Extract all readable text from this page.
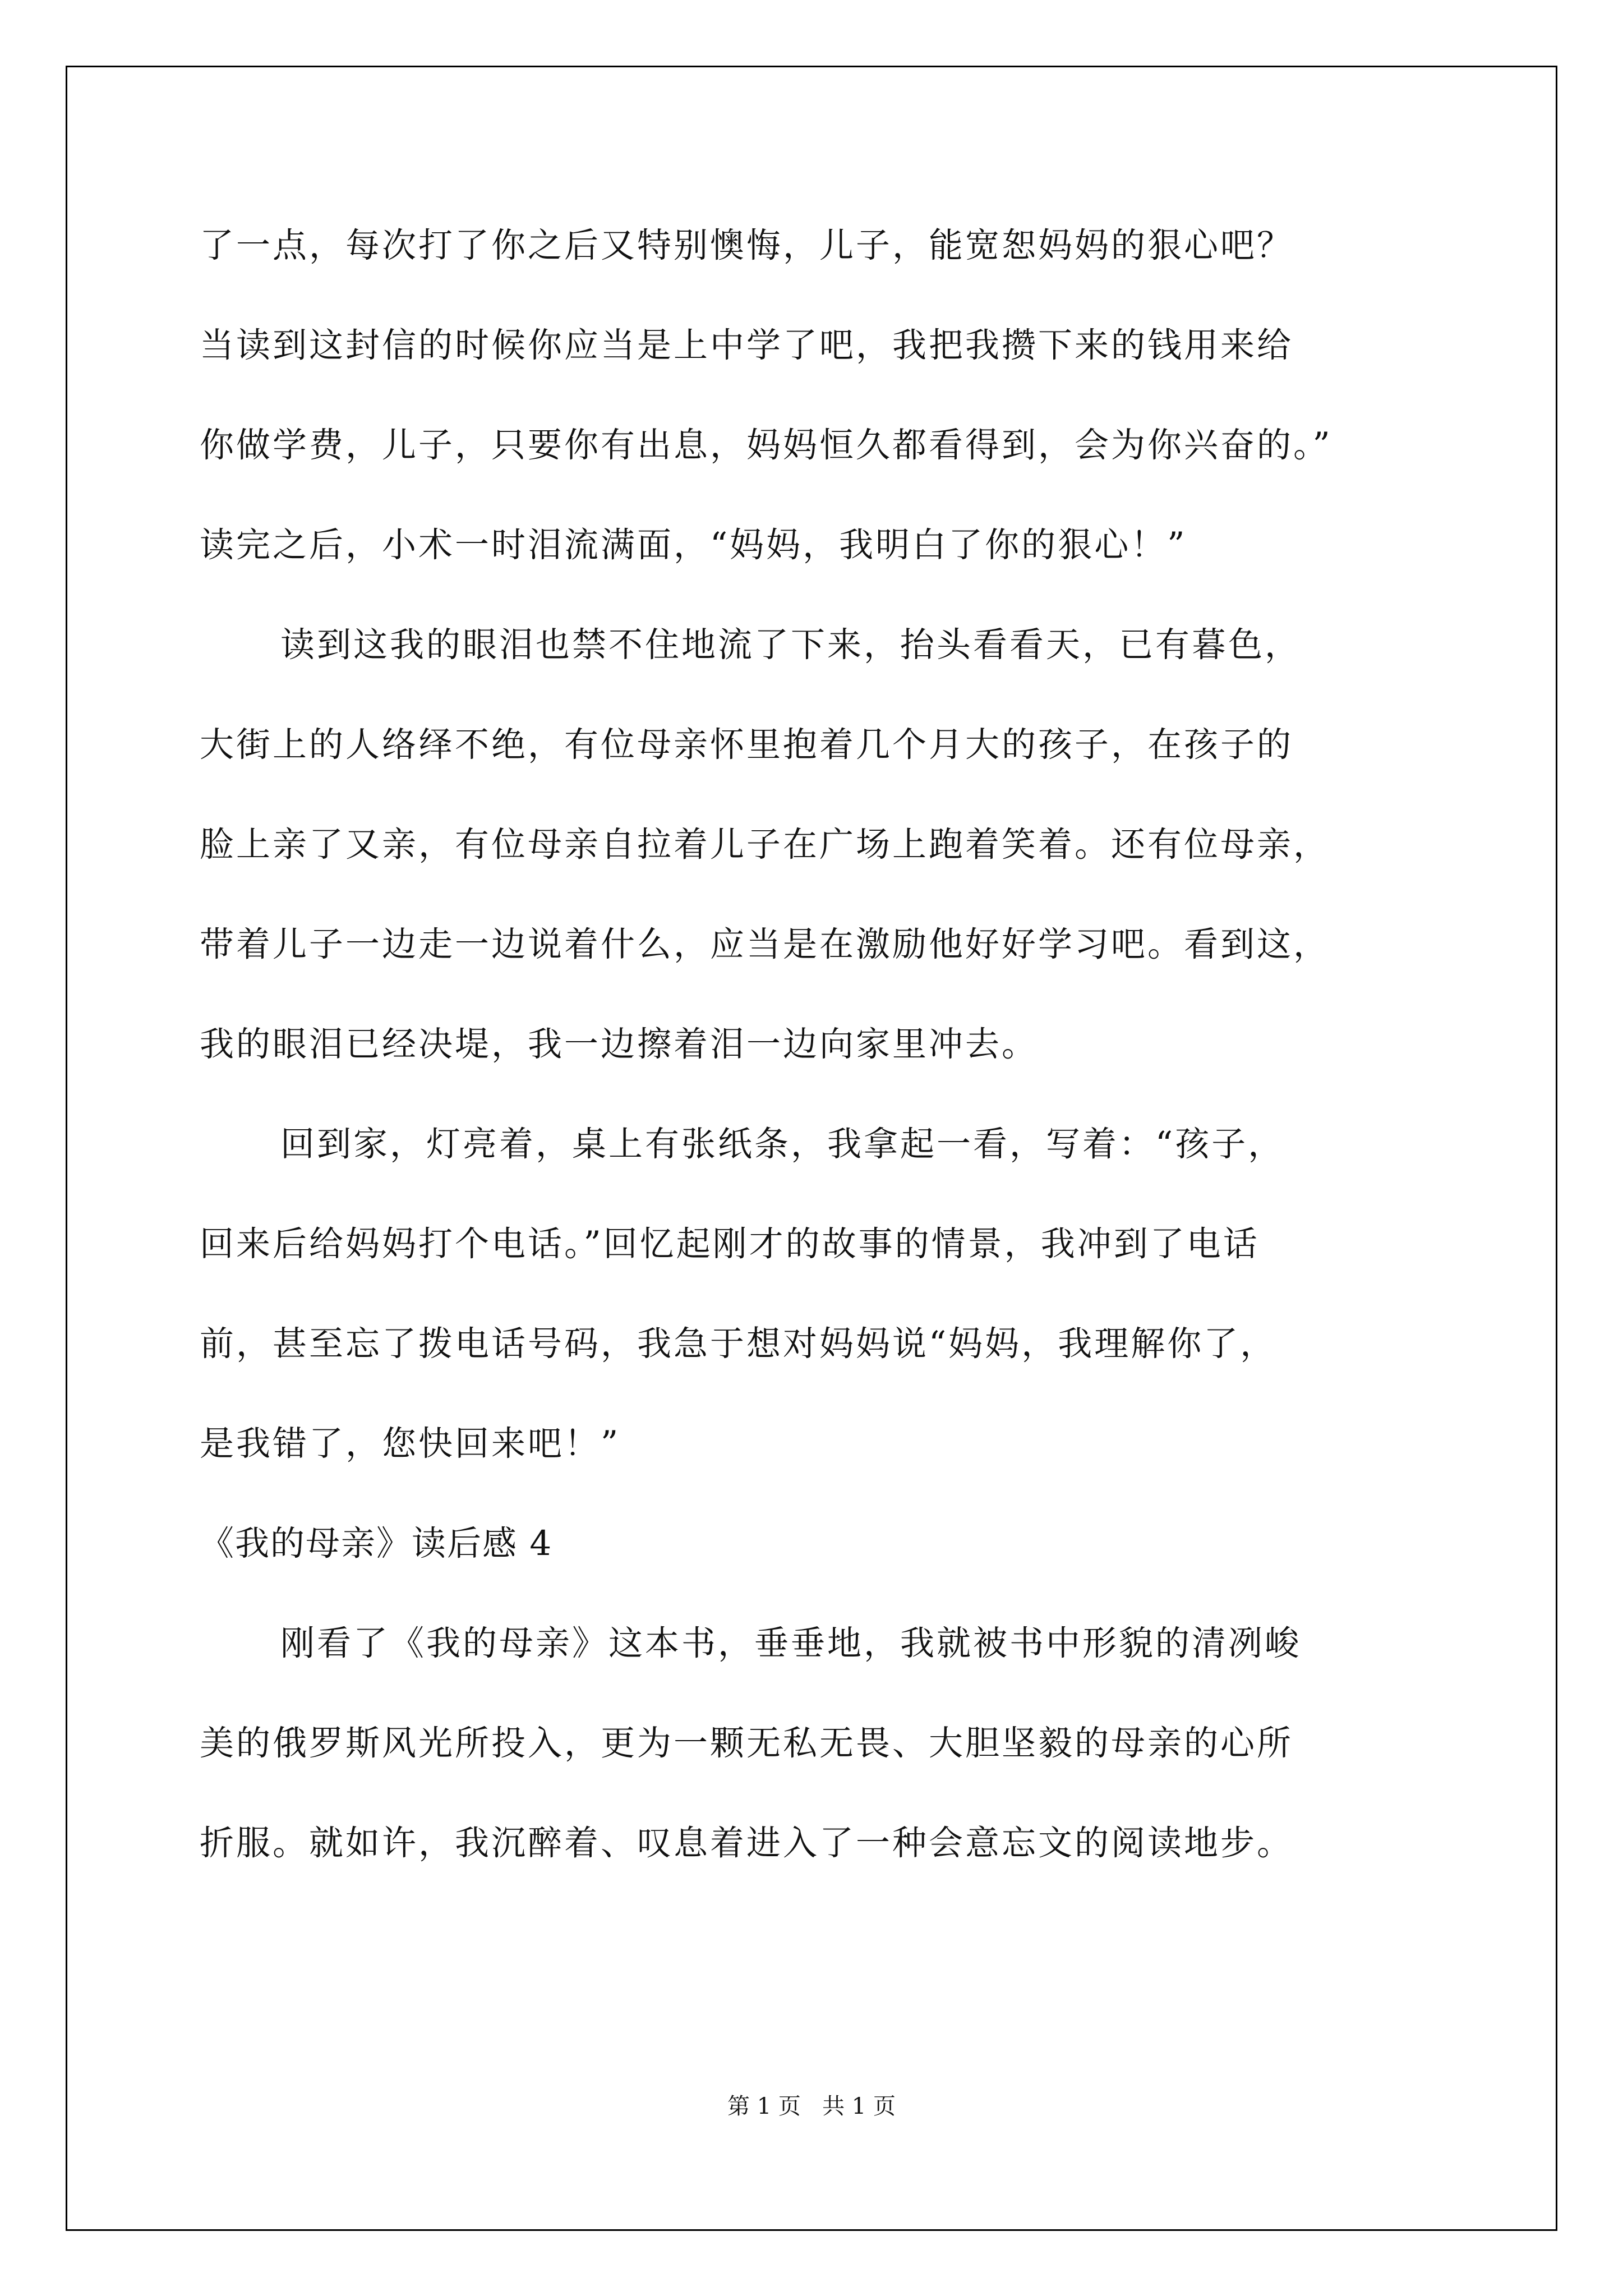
了一点，每次打了你之后又特别懊悔，儿子，能宽恕妈妈的狠心吧？
当读到这封信的时候你应当是上中学了吧，我把我攒下来的钱用来给
你做学费，儿子，只要你有出息，妈妈恒久都看得到，会为你兴奋的。”
读完之后，小术一时泪流满面，“妈妈，我明白了你的狠心！”
读到这我的眼泪也禁不住地流了下来，抬头看看天，已有暮色，
大街上的人络绎不绝，有位母亲怀里抱着几个月大的孩子，在孩子的
脸上亲了又亲，有位母亲自拉着儿子在广场上跑着笑着。还有位母亲，
带着儿子一边走一边说着什么，应当是在激励他好好学习吧。看到这，
我的眼泪已经决堤，我一边擦着泪一边向家里冲去。
回到家，灯亮着，桌上有张纸条，我拿起一看，写着：“孩子，
回来后给妈妈打个电话。”回忆起刚才的故事的情景，我冲到了电话
前，甚至忘了拨电话号码，我急于想对妈妈说“妈妈，我理解你了，
是我错了，您快回来吧！”
《我的母亲》读后感 4
刚看了《我的母亲》这本书，垂垂地，我就被书中形貌的清冽峻
美的俄罗斯风光所投入，更为一颗无私无畏、大胆坚毅的母亲的心所
折服。就如许，我沉醉着、叹息着进入了一种会意忘文的阅读地步。
第 1 页   共 1 页
